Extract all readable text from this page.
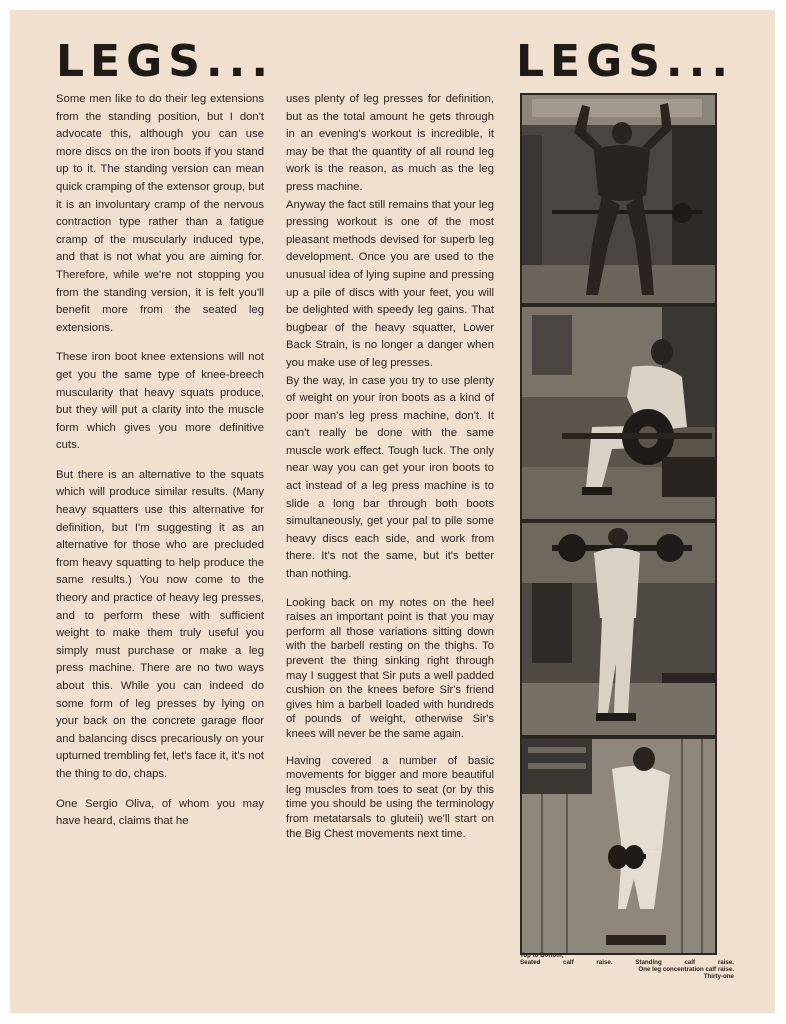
LEGS...	LEGS...

Some men like to do their leg extensions from the standing position, but I don't advocate this, although you can use more discs on the iron boots if you stand up to it. The standing version can mean quick cramping of the extensor group, but it is an involuntary cramp of the nervous contraction type rather than a fatigue cramp of the muscularly induced type, and that is not what you are aiming for. Therefore, while we're not stopping you from the standing version, it is felt you'll benefit more from the seated leg extensions.

These iron boot knee extensions will not get you the same type of knee-breech muscularity that heavy squats produce, but they will put a clarity into the muscle form which gives you more definitive cuts.

But there is an alternative to the squats which will produce similar results. (Many heavy squatters use this alternative for definition, but I'm suggesting it as an alternative for those who are precluded from heavy squatting to help produce the same results.) You now come to the theory and practice of heavy leg presses, and to perform these with sufficient weight to make them truly useful you simply must purchase or make a leg press machine. There are no two ways about this. While you can indeed do some form of leg presses by lying on your back on the concrete garage floor and balancing discs precariously on your upturned trembling fet, let's face it, it's not the thing to do, chaps.

One Sergio Oliva, of whom you may have heard, claims that he

uses plenty of leg presses for definition, but as the total amount he gets through in an evening's workout is incredible, it may be that the quantity of all round leg work is the reason, as much as the leg press machine.

Anyway the fact still remains that your leg pressing workout is one of the most pleasant methods devised for superb leg development. Once you are used to the unusual idea of lying supine and pressing up a pile of discs with your feet, you will be delighted with speedy leg gains. That bugbear of the heavy squatter, Lower Back Strain, is no longer a danger when you make use of leg presses.

By the way, in case you try to use plenty of weight on your iron boots as a kind of poor man's leg press machine, don't. It can't really be done with the same muscle work effect. Tough luck. The only near way you can get your iron boots to act instead of a leg press machine is to slide a long bar through both boots simultaneously, get your pal to pile some heavy discs each side, and work from there. It's not the same, but it's better than nothing.

Looking back on my notes on the heel raises an important point is that you may perform all those variations sitting down with the barbell resting on the thighs. To prevent the thing sinking right through may I suggest that Sir puts a well padded cushion on the knees before Sir's friend gives him a barbell loaded with hundreds of pounds of weight, otherwise Sir's knees will never be the same again.

Having covered a number of basic movements for bigger and more beautiful leg muscles from toes to seat (or by this time you should be using the terminology from metatarsals to gluteii) we'll start on the Big Chest movements next time.

Top to Bottom;
Seated calf raise. Standing calf raise.
One leg concentration calf raise.
Thirty-one
